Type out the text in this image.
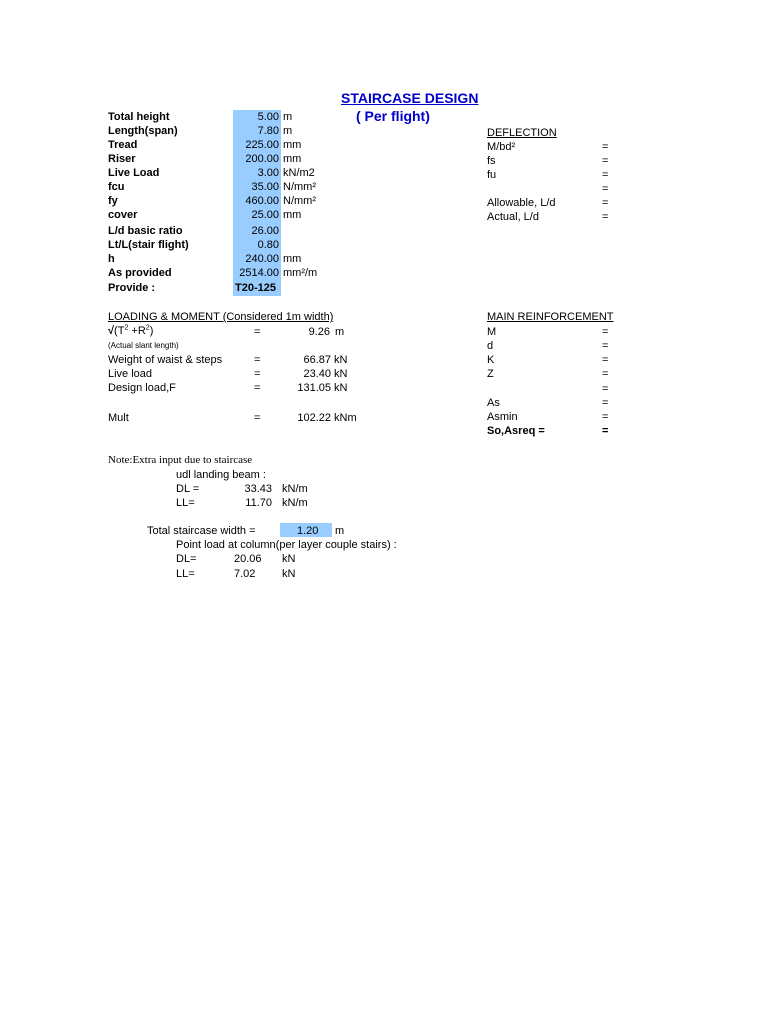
STAIRCASE DESIGN
( Per flight)
Total height	5.00 m
Length(span)	7.80 m
Tread	225.00 mm
Riser	200.00 mm
Live Load	3.00 kN/m2
fcu	35.00 N/mm²
fy	460.00 N/mm²
cover	25.00 mm
L/d basic ratio	26.00
Lt/L(stair flight)	0.80
h	240.00 mm
As provided	2514.00 mm²/m
Provide :	T20-125
DEFLECTION
M/bd²	=
fs	=
fu	=
=
Allowable, L/d	=
Actual, L/d	=
LOADING & MOMENT (Considered 1m width)
$√(T^2 +R^2)$	=	9.26 m
(Actual slant length)
Weight of waist & steps	=	66.87 kN
Live load	=	23.40 kN
Design load,F	=	131.05 kN
Mult	=	102.22 kNm
MAIN REINFORCEMENT
M	=
d	=
K	=
Z	=
=
As	=
Asmin	=
So,Asreq =	=
Note:Extra input due to staircase
udl landing beam :
DL =	33.43 kN/m
LL=	11.70 kN/m
Total staircase width =	1.20 m
Point load at column(per layer couple stairs) :
DL=	20.06 kN
LL=	7.02 kN
